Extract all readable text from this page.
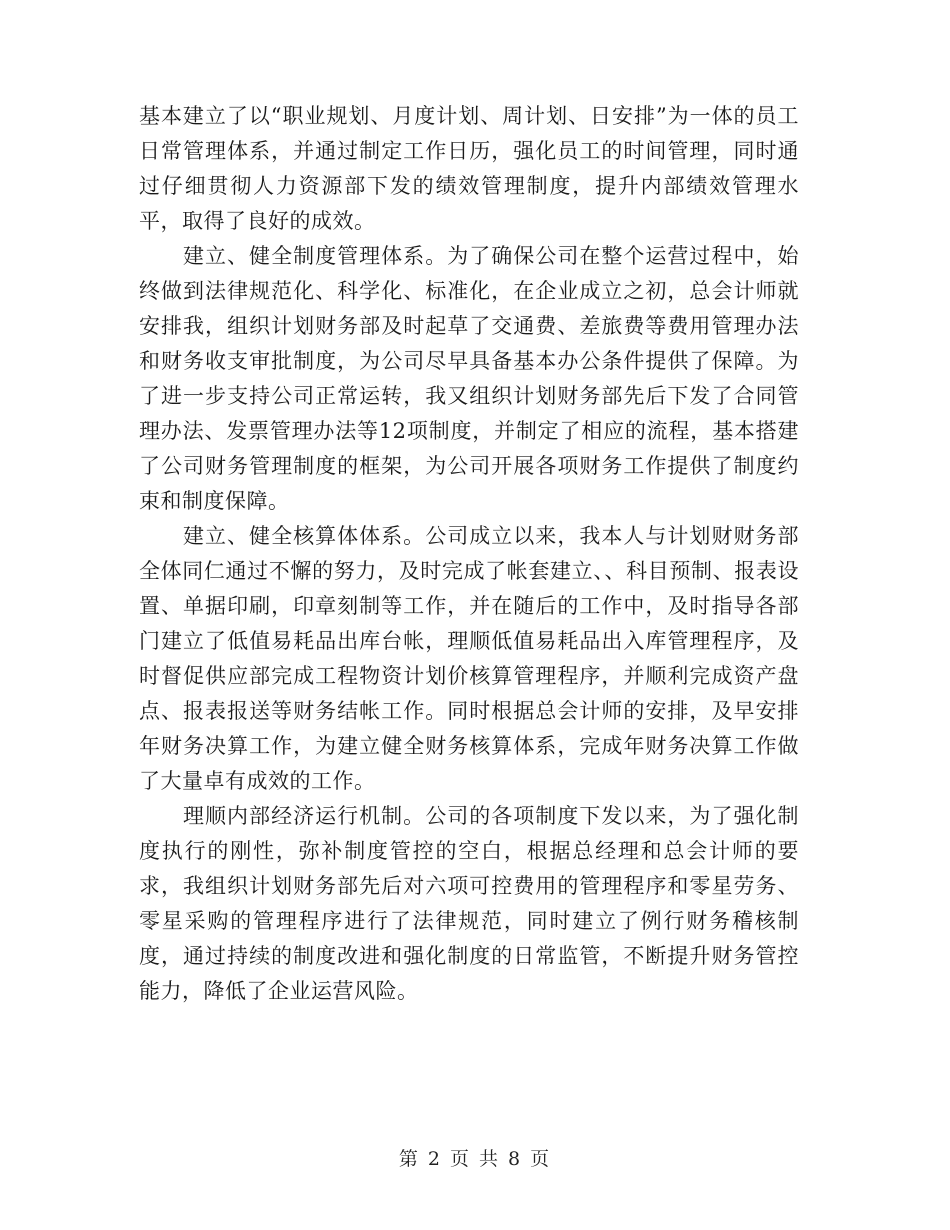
基本建立了以“职业规划、月度计划、周计划、日安排”为一体的员工日常管理体系，并通过制定工作日历，强化员工的时间管理，同时通过仔细贯彻人力资源部下发的绩效管理制度，提升内部绩效管理水平，取得了良好的成效。

建立、健全制度管理体系。为了确保公司在整个运营过程中，始终做到法律规范化、科学化、标准化，在企业成立之初，总会计师就安排我，组织计划财务部及时起草了交通费、差旅费等费用管理办法和财务收支审批制度，为公司尽早具备基本办公条件提供了保障。为了进一步支持公司正常运转，我又组织计划财务部先后下发了合同管理办法、发票管理办法等12项制度，并制定了相应的流程，基本搭建了公司财务管理制度的框架，为公司开展各项财务工作提供了制度约束和制度保障。

建立、健全核算体体系。公司成立以来，我本人与计划财财务部全体同仁通过不懈的努力，及时完成了帐套建立、、科目预制、报表设置、单据印刷，印章刻制等工作，并在随后的工作中，及时指导各部门建立了低值易耗品出库台帐，理顺低值易耗品出入库管理程序，及时督促供应部完成工程物资计划价核算管理程序，并顺利完成资产盘点、报表报送等财务结帐工作。同时根据总会计师的安排，及早安排年财务决算工作，为建立健全财务核算体系，完成年财务决算工作做了大量卓有成效的工作。

理顺内部经济运行机制。公司的各项制度下发以来，为了强化制度执行的刚性，弥补制度管控的空白，根据总经理和总会计师的要求，我组织计划财务部先后对六项可控费用的管理程序和零星劳务、零星采购的管理程序进行了法律规范，同时建立了例行财务稽核制度，通过持续的制度改进和强化制度的日常监管，不断提升财务管控能力，降低了企业运营风险。

第 2 页 共 8 页
